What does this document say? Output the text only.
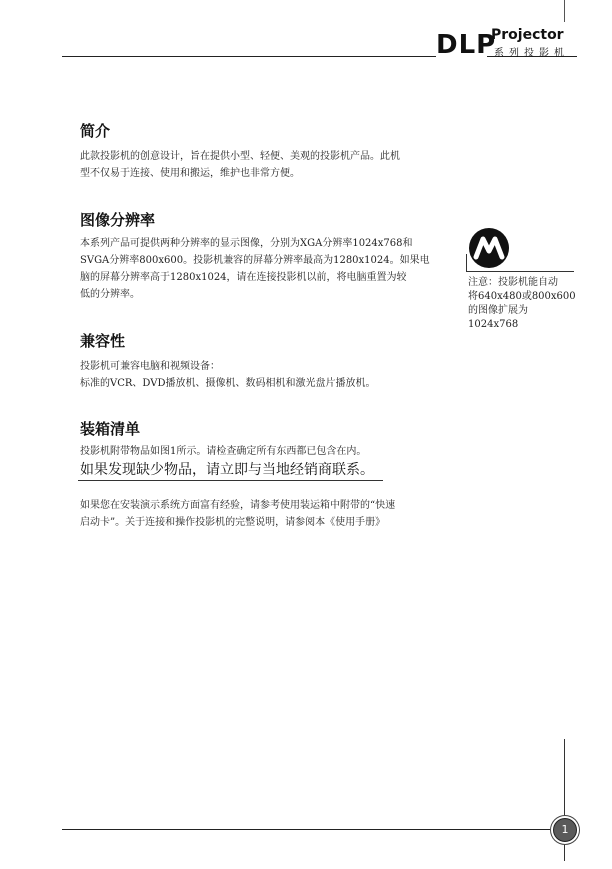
DLP
Projector
系列投影机
简介
此款投影机的创意设计，旨在提供小型、轻便、美观的投影机产品。此机
型不仅易于连接、使用和搬运，维护也非常方便。
图像分辨率
本系列产品可提供两种分辨率的显示图像，分别为XGA分辨率1024x768和
SVGA分辨率800x600。投影机兼容的屏幕分辨率最高为1280x1024。如果电
脑的屏幕分辨率高于1280x1024，请在连接投影机以前，将电脑重置为较
低的分辨率。
兼容性
投影机可兼容电脑和视频设备：
标准的VCR、DVD播放机、摄像机、数码相机和激光盘片播放机。
装箱清单
投影机附带物品如图1所示。请检查确定所有东西都已包含在内。
如果发现缺少物品，请立即与当地经销商联系。
如果您在安装演示系统方面富有经验，请参考使用装运箱中附带的“快速
启动卡”。关于连接和操作投影机的完整说明，请参阅本《使用手册》
注意：投影机能自动
将640x480或800x600
的图像扩展为
1024x768
1
